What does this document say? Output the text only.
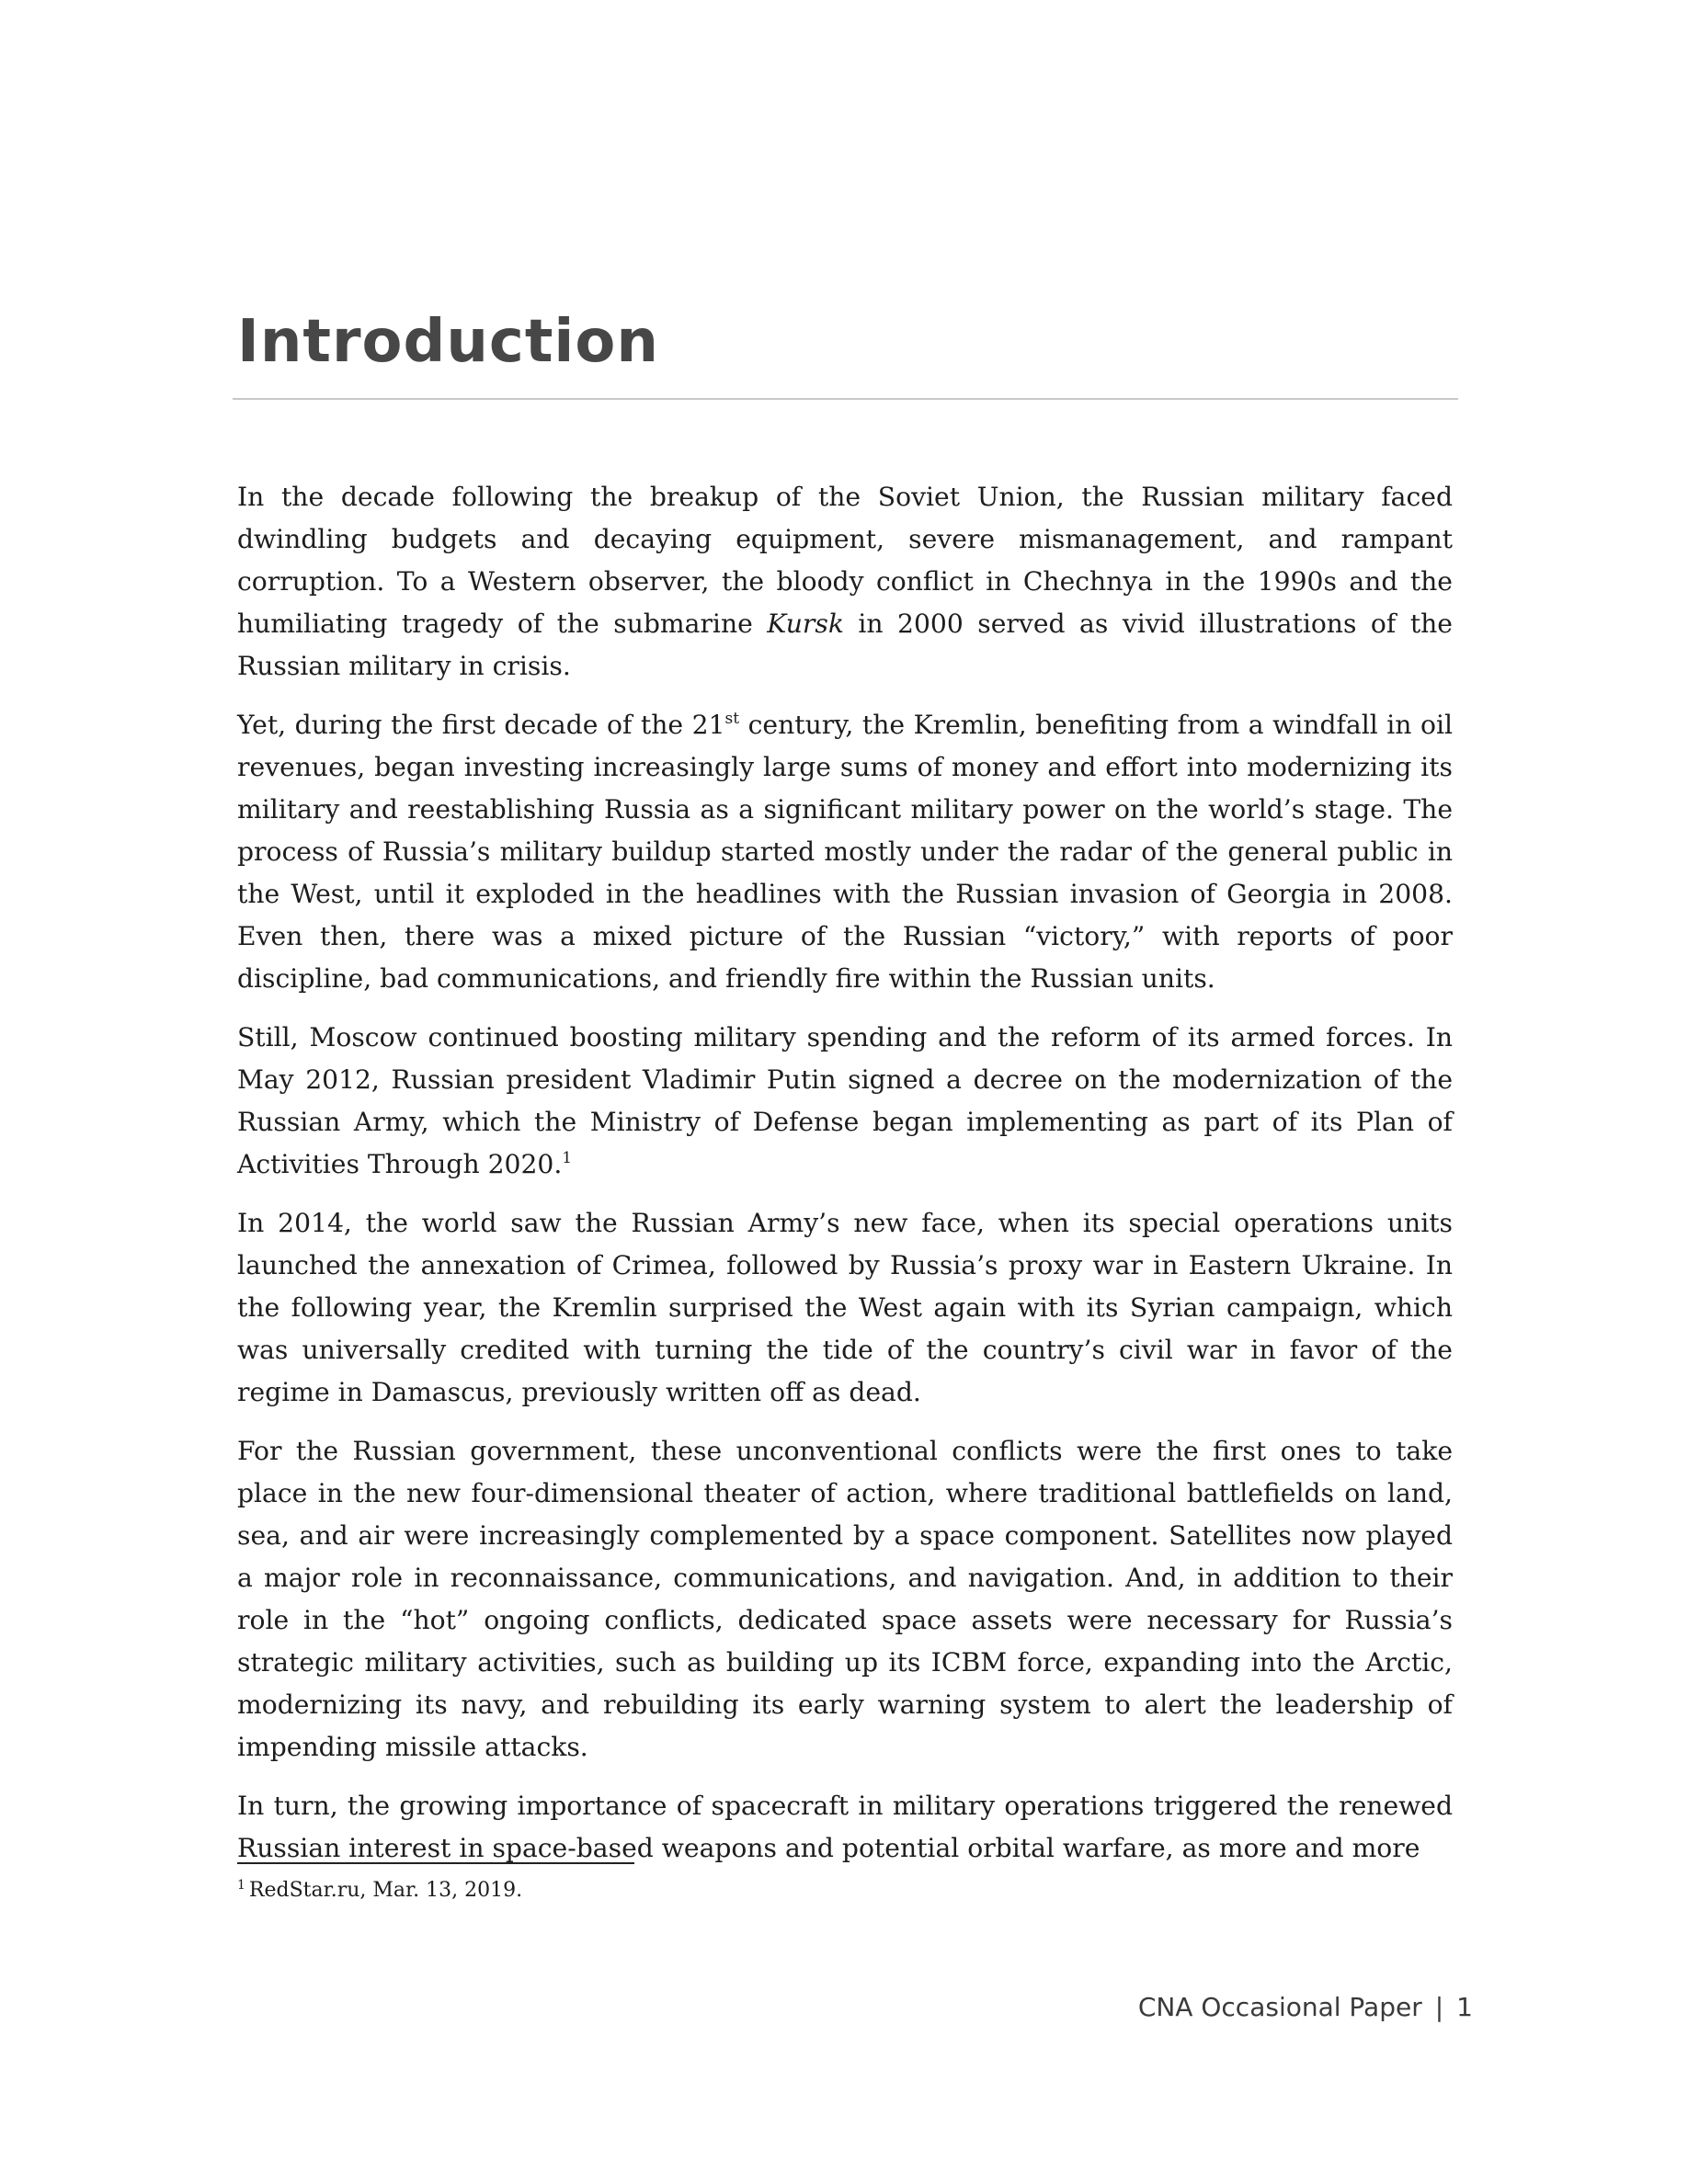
Introduction

In the decade following the breakup of the Soviet Union, the Russian military faced dwindling budgets and decaying equipment, severe mismanagement, and rampant corruption. To a Western observer, the bloody conflict in Chechnya in the 1990s and the humiliating tragedy of the submarine Kursk in 2000 served as vivid illustrations of the Russian military in crisis.

Yet, during the first decade of the 21st century, the Kremlin, benefiting from a windfall in oil revenues, began investing increasingly large sums of money and effort into modernizing its military and reestablishing Russia as a significant military power on the world’s stage. The process of Russia’s military buildup started mostly under the radar of the general public in the West, until it exploded in the headlines with the Russian invasion of Georgia in 2008. Even then, there was a mixed picture of the Russian “victory,” with reports of poor discipline, bad communications, and friendly fire within the Russian units.

Still, Moscow continued boosting military spending and the reform of its armed forces. In May 2012, Russian president Vladimir Putin signed a decree on the modernization of the Russian Army, which the Ministry of Defense began implementing as part of its Plan of Activities Through 2020.$^1$

In 2014, the world saw the Russian Army’s new face, when its special operations units launched the annexation of Crimea, followed by Russia’s proxy war in Eastern Ukraine. In the following year, the Kremlin surprised the West again with its Syrian campaign, which was universally credited with turning the tide of the country’s civil war in favor of the regime in Damascus, previously written off as dead.

For the Russian government, these unconventional conflicts were the first ones to take place in the new four-dimensional theater of action, where traditional battlefields on land, sea, and air were increasingly complemented by a space component. Satellites now played a major role in reconnaissance, communications, and navigation. And, in addition to their role in the “hot” ongoing conflicts, dedicated space assets were necessary for Russia’s strategic military activities, such as building up its ICBM force, expanding into the Arctic, modernizing its navy, and rebuilding its early warning system to alert the leadership of impending missile attacks.

In turn, the growing importance of spacecraft in military operations triggered the renewed Russian interest in space-based weapons and potential orbital warfare, as more and more

$^1$ RedStar.ru, Mar. 13, 2019.
CNA Occasional Paper | 1
